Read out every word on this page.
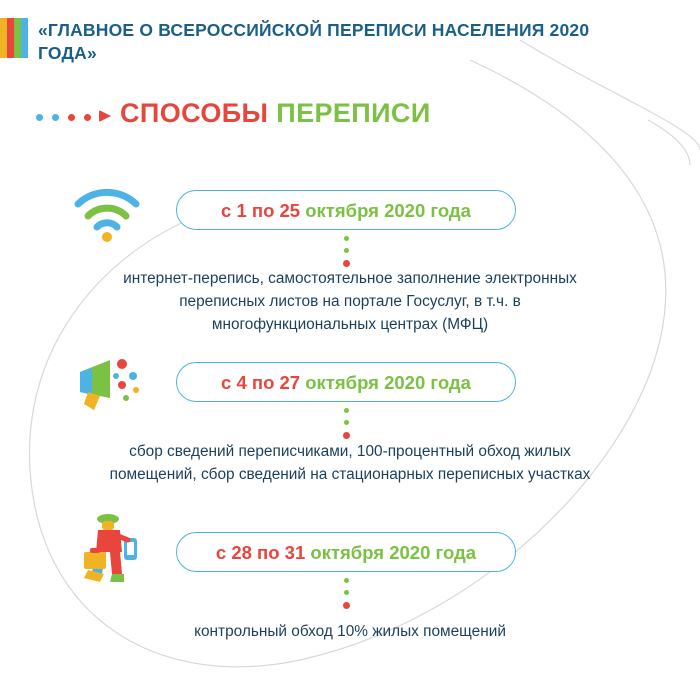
«ГЛАВНОЕ О ВСЕРОССИЙСКОЙ ПЕРЕПИСИ НАСЕЛЕНИЯ 2020 ГОДА»
СПОСОБЫ ПЕРЕПИСИ
с 1 по 25 октября 2020 года
интернет-перепись, самостоятельное заполнение электронных переписных листов на портале Госуслуг, в т.ч. в многофункциональных центрах (МФЦ)
с 4 по 27 октября 2020 года
сбор сведений переписчиками, 100-процентный обход жилых помещений, сбор сведений на стационарных переписных участках
с 28 по 31 октября 2020 года
контрольный обход 10% жилых помещений
